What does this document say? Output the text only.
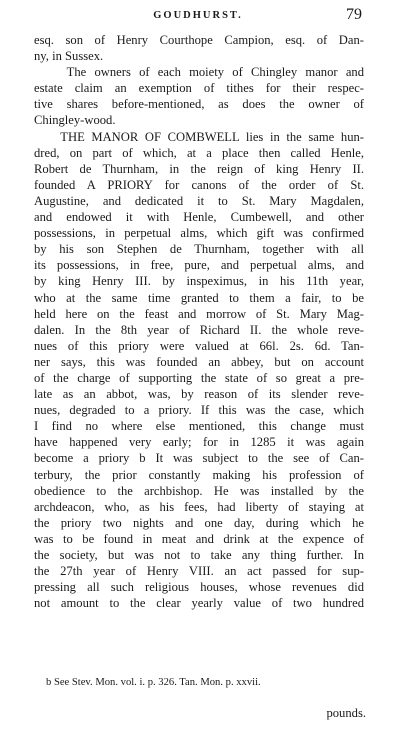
GOUDHURST.	79
esq. son of Henry Courthope Campion, esq. of Dan-
ny, in Sussex.
The owners of each moiety of Chingley manor and
estate claim an exemption of tithes for their respec-
tive shares before-mentioned, as does the owner of
Chingley-wood.
THE MANOR OF COMBWELL lies in the same hun-
dred, on part of which, at a place then called Henle,
Robert de Thurnham, in the reign of king Henry II.
founded A PRIORY for canons of the order of St.
Augustine, and dedicated it to St. Mary Magdalen,
and endowed it with Henle, Cumbewell, and other
possessions, in perpetual alms, which gift was confirmed
by his son Stephen de Thurnham, together with all
its possessions, in free, pure, and perpetual alms, and
by king Henry III. by inspeximus, in his 11th year,
who at the same time granted to them a fair, to be
held here on the feast and morrow of St. Mary Mag-
dalen. In the 8th year of Richard II. the whole reve-
nues of this priory were valued at 66l. 2s. 6d. Tan-
ner says, this was founded an abbey, but on account
of the charge of supporting the state of so great a pre-
late as an abbot, was, by reason of its slender reve-
nues, degraded to a priory. If this was the case, which
I find no where else mentioned, this change must
have happened very early; for in 1285 it was again
become a priory b It was subject to the see of Can-
terbury, the prior constantly making his profession of
obedience to the archbishop. He was installed by the
archdeacon, who, as his fees, had liberty of staying at
the priory two nights and one day, during which he
was to be found in meat and drink at the expence of
the society, but was not to take any thing further. In
the 27th year of Henry VIII. an act passed for sup-
pressing all such religious houses, whose revenues did
not amount to the clear yearly value of two hundred
b See Stev. Mon. vol. i. p. 326. Tan. Mon. p. xxvii.
pounds.
